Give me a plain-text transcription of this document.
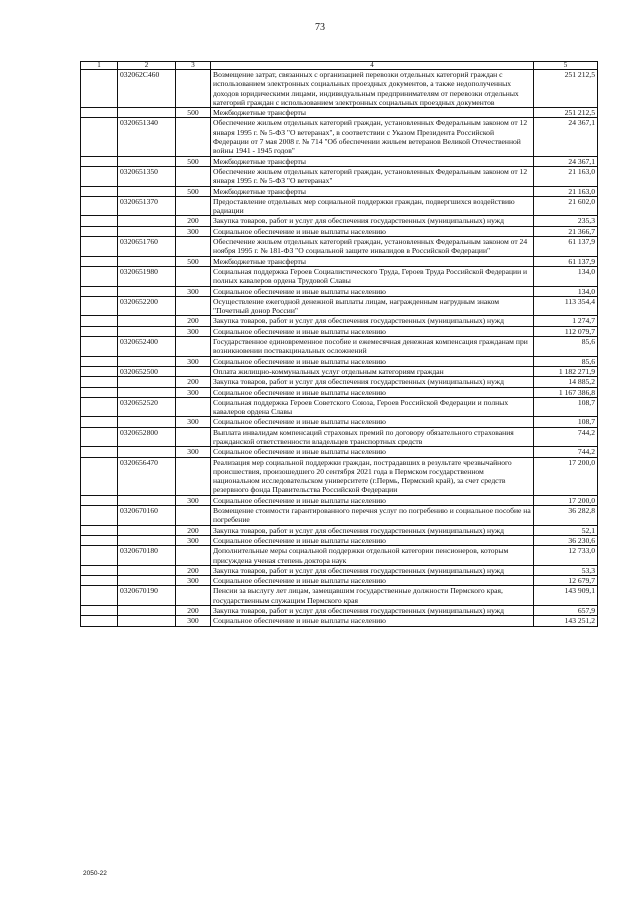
73
1	2	3	4	5
	032062C460		Возмещение затрат, связанных с организацией перевозки отдельных категорий граждан с использованием электронных социальных проездных документов, а также недополученных доходов юридическими лицами, индивидуальным предпринимателям от перевозки отдельных категорий граждан с использованием электронных социальных проездных документов	251 212,5
		500	Межбюджетные трансферты	251 212,5
	0320651340		Обеспечение жильем отдельных категорий граждан, установленных Федеральным законом от 12 января 1995 г. № 5-ФЗ "О ветеранах", в соответствии с Указом Президента Российской Федерации от 7 мая 2008 г. № 714 "Об обеспечении жильем ветеранов Великой Отечественной войны 1941 - 1945 годов"	24 367,1
		500	Межбюджетные трансферты	24 367,1
	0320651350		Обеспечение жильем отдельных категорий граждан, установленных Федеральным законом от 12 января 1995 г. № 5-ФЗ "О ветеранах"	21 163,0
		500	Межбюджетные трансферты	21 163,0
	0320651370		Предоставление отдельных мер социальной поддержки граждан, подвергшихся воздействию радиации	21 602,0
		200	Закупка товаров, работ и услуг для обеспечения государственных (муниципальных) нужд	235,3
		300	Социальное обеспечение и иные выплаты населению	21 366,7
	0320651760		Обеспечение жильем отдельных категорий граждан, установленных Федеральным законом от 24 ноября 1995 г. № 181-ФЗ "О социальной защите инвалидов в Российской Федерации"	61 137,9
		500	Межбюджетные трансферты	61 137,9
	0320651980		Социальная поддержка Героев Социалистического Труда, Героев Труда Российской Федерации и полных кавалеров ордена Трудовой Славы	134,0
		300	Социальное обеспечение и иные выплаты населению	134,0
	0320652200		Осуществление ежегодной денежной выплаты лицам, награжденным нагрудным знаком "Почетный донор России"	113 354,4
		200	Закупка товаров, работ и услуг для обеспечения государственных (муниципальных) нужд	1 274,7
		300	Социальное обеспечение и иные выплаты населению	112 079,7
	0320652400		Государственное единовременное пособие и ежемесячная денежная компенсация гражданам при возникновении поствакцинальных осложнений	85,6
		300	Социальное обеспечение и иные выплаты населению	85,6
	0320652500		Оплата жилищно-коммунальных услуг отдельным категориям граждан	1 182 271,9
		200	Закупка товаров, работ и услуг для обеспечения государственных (муниципальных) нужд	14 885,2
		300	Социальное обеспечение и иные выплаты населению	1 167 386,8
	0320652520		Социальная поддержка Героев Советского Союза, Героев Российской Федерации и полных кавалеров ордена Славы	108,7
		300	Социальное обеспечение и иные выплаты населению	108,7
	0320652800		Выплата инвалидам компенсаций страховых премий по договору обязательного страхования гражданской ответственности владельцев транспортных средств	744,2
		300	Социальное обеспечение и иные выплаты населению	744,2
	0320656470		Реализация мер социальной поддержки граждан, пострадавших в результате чрезвычайного происшествия, произошедшего 20 сентября 2021 года в Пермском государственном национальном исследовательском университете (г.Пермь, Пермский край), за счет средств резервного фонда Правительства Российской Федерации	17 200,0
		300	Социальное обеспечение и иные выплаты населению	17 200,0
	0320670160		Возмещение стоимости гарантированного перечня услуг по погребению и социальное пособие на погребение	36 282,8
		200	Закупка товаров, работ и услуг для обеспечения государственных (муниципальных) нужд	52,1
		300	Социальное обеспечение и иные выплаты населению	36 230,6
	0320670180		Дополнительные меры социальной поддержки отдельной категории пенсионеров, которым присуждена ученая степень доктора наук	12 733,0
		200	Закупка товаров, работ и услуг для обеспечения государственных (муниципальных) нужд	53,3
		300	Социальное обеспечение и иные выплаты населению	12 679,7
	0320670190		Пенсии за выслугу лет лицам, замещавшим государственные должности Пермского края, государственным служащим Пермского края	143 909,1
		200	Закупка товаров, работ и услуг для обеспечения государственных (муниципальных) нужд	657,9
		300	Социальное обеспечение и иные выплаты населению	143 251,2
2050-22
